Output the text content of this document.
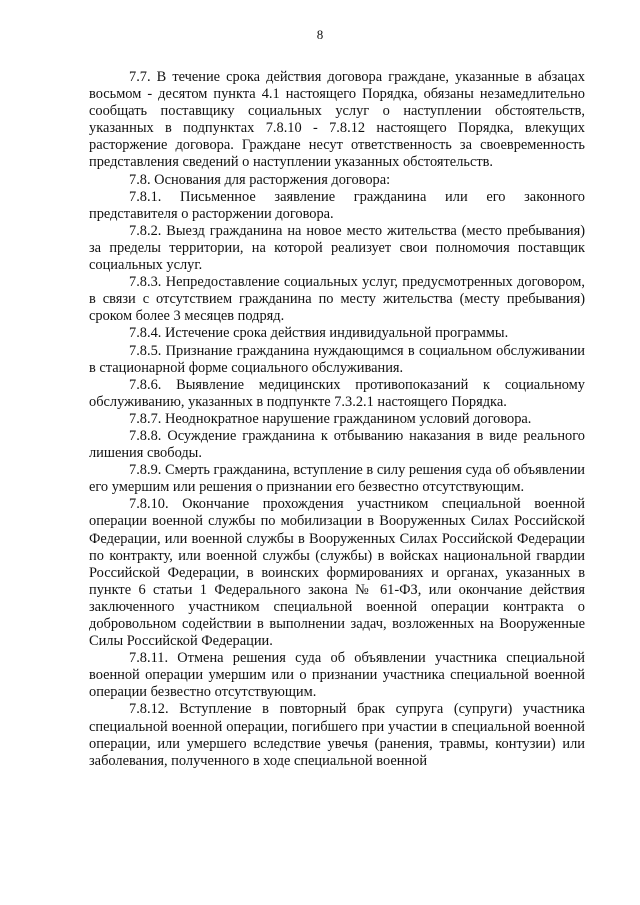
8

7.7. В течение срока действия договора граждане, указанные в абзацах восьмом - десятом пункта 4.1 настоящего Порядка, обязаны незамедлительно сообщать поставщику социальных услуг о наступлении обстоятельств, указанных в подпунктах 7.8.10 - 7.8.12 настоящего Порядка, влекущих расторжение договора. Граждане несут ответственность за своевременность представления сведений о наступлении указанных обстоятельств.

7.8. Основания для расторжения договора:

7.8.1. Письменное заявление гражданина или его законного представителя о расторжении договора.

7.8.2. Выезд гражданина на новое место жительства (место пребывания) за пределы территории, на которой реализует свои полномочия поставщик социальных услуг.

7.8.3. Непредоставление социальных услуг, предусмотренных договором, в связи с отсутствием гражданина по месту жительства (месту пребывания) сроком более 3 месяцев подряд.

7.8.4. Истечение срока действия индивидуальной программы.

7.8.5. Признание гражданина нуждающимся в социальном обслуживании в стационарной форме социального обслуживания.

7.8.6. Выявление медицинских противопоказаний к социальному обслуживанию, указанных в подпункте 7.3.2.1 настоящего Порядка.

7.8.7. Неоднократное нарушение гражданином условий договора.

7.8.8. Осуждение гражданина к отбыванию наказания в виде реального лишения свободы.

7.8.9. Смерть гражданина, вступление в силу решения суда об объявлении его умершим или решения о признании его безвестно отсутствующим.

7.8.10. Окончание прохождения участником специальной военной операции военной службы по мобилизации в Вооруженных Силах Российской Федерации, или военной службы в Вооруженных Силах Российской Федерации по контракту, или военной службы (службы) в войсках национальной гвардии Российской Федерации, в воинских формированиях и органах, указанных в пункте 6 статьи 1 Федерального закона № 61-ФЗ, или окончание действия заключенного участником специальной военной операции контракта о добровольном содействии в выполнении задач, возложенных на Вооруженные Силы Российской Федерации.

7.8.11. Отмена решения суда об объявлении участника специальной военной операции умершим или о признании участника специальной военной операции безвестно отсутствующим.

7.8.12. Вступление в повторный брак супруга (супруги) участника специальной военной операции, погибшего при участии в специальной военной операции, или умершего вследствие увечья (ранения, травмы, контузии) или заболевания, полученного в ходе специальной военной
